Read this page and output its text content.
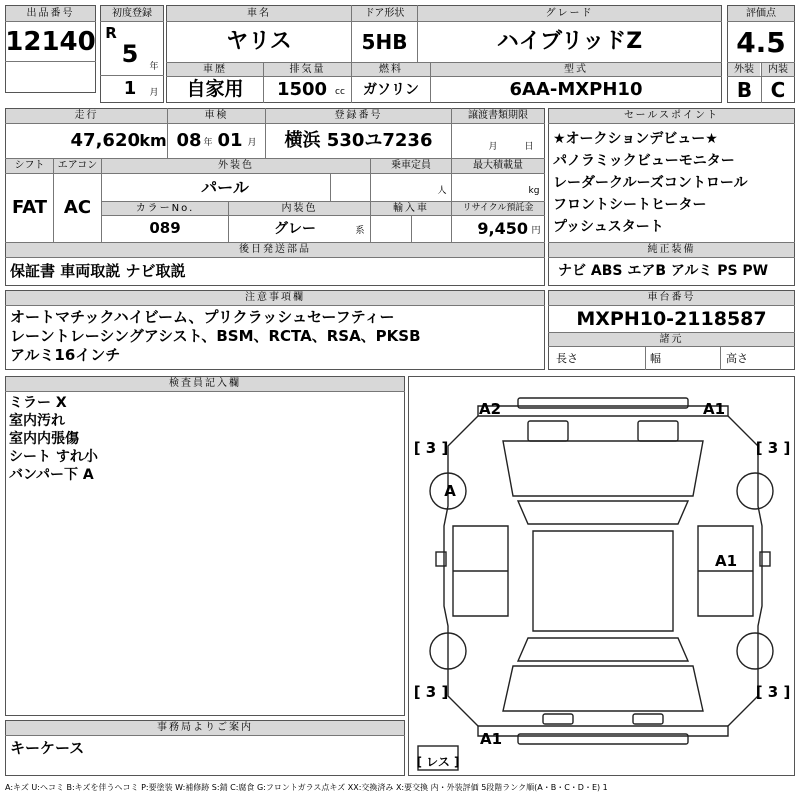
出品番号
12140
初度登録
R
5	年
1	月
車名	ドア形状	グレード
ヤリス	5HB	ハイブリッドZ
車歴	排気量	燃料	型式
自家用	1500 cc	ガソリン	6AA-MXPH10
評価点
4.5
外装	内装
B C
走行	車検	登録番号	譲渡書類期限
47,620 km 08 年 01 月	横浜 530ユ7236	月	日
シフト	エアコン	外装色	乗車定員	最大積載量
FAT AC
パール	人	kg
カラーNo.	内装色	輸入車	リサイクル預託金
089	グレー	系	9,450 円
後日発送部品
保証書 車両取説 ナビ取説
セールスポイント
★オークションデビュー★
パノラミックビューモニター
レーダークルーズコントロール
フロントシートヒーター
プッシュスタート
純正装備
ナビ ABS エアB アルミ PS PW
注意事項欄
オートマチックハイビーム、プリクラッシュセーフティー
レーントレーシングアシスト、BSM、RCTA、RSA、PKSB
アルミ16インチ
車台番号
MXPH10-2118587
諸元
長さ	幅	高さ
検査員記入欄
ミラー X
室内汚れ
室内内張傷
シート すれ小
バンパー下 A
事務局よりご案内
キーケース
A2	A1
A
A1
A1
[ 3 ]	[ 3 ]
[ 3 ]	[ 3 ]
[ レス ]
A:キズ U:ヘコミ B:キズを伴うヘコミ P:要塗装 W:補修跡 S:錆 C:腐食 G:フロントガラス点キズ XX:交換済み X:要交換 内・外装評価 5段階ランク順(A・B・C・D・E) 1
